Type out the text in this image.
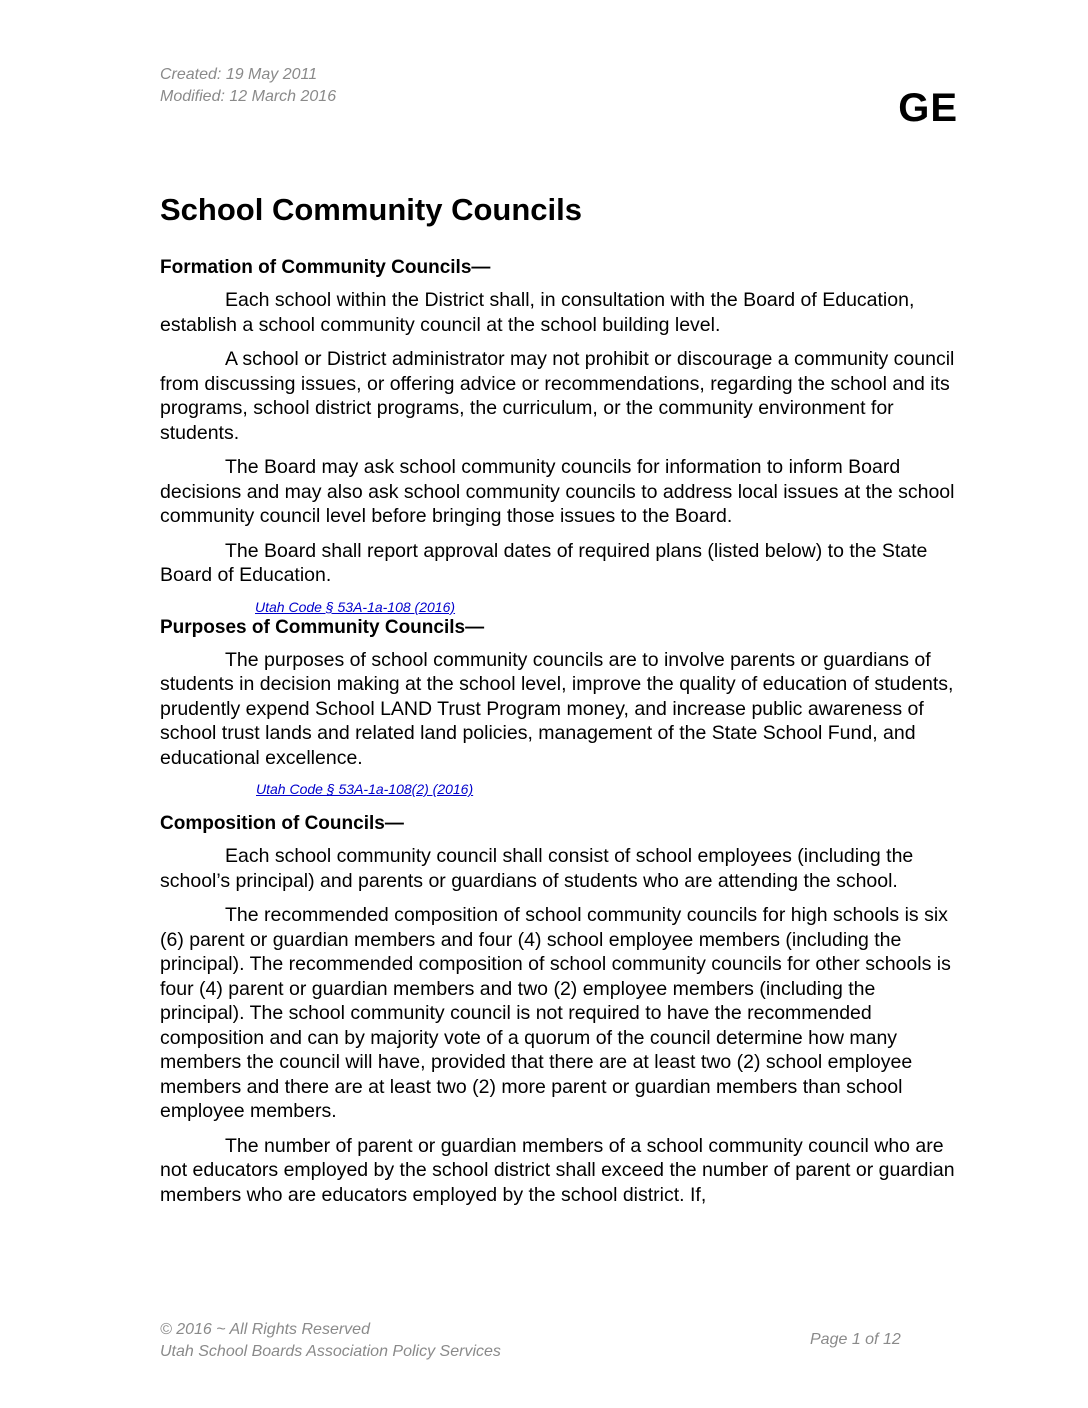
Created: 19 May 2011
Modified: 12 March 2016	GE
School Community Councils
Formation of Community Councils—

Each school within the District shall, in consultation with the Board of Education, establish a school community council at the school building level.

A school or District administrator may not prohibit or discourage a community council from discussing issues, or offering advice or recommendations, regarding the school and its programs, school district programs, the curriculum, or the community environment for students.

The Board may ask school community councils for information to inform Board decisions and may also ask school community councils to address local issues at the school community council level before bringing those issues to the Board.

The Board shall report approval dates of required plans (listed below) to the State Board of Education.

Utah Code § 53A-1a-108 (2016)
Purposes of Community Councils—

The purposes of school community councils are to involve parents or guardians of students in decision making at the school level, improve the quality of education of students, prudently expend School LAND Trust Program money, and increase public awareness of school trust lands and related land policies, management of the State School Fund, and educational excellence.

Utah Code § 53A-1a-108(2) (2016)
Composition of Councils—

Each school community council shall consist of school employees (including the school’s principal) and parents or guardians of students who are attending the school.

The recommended composition of school community councils for high schools is six (6) parent or guardian members and four (4) school employee members (including the principal). The recommended composition of school community councils for other schools is four (4) parent or guardian members and two (2) employee members (including the principal). The school community council is not required to have the recommended composition and can by majority vote of a quorum of the council determine how many members the council will have, provided that there are at least two (2) school employee members and there are at least two (2) more parent or guardian members than school employee members.

The number of parent or guardian members of a school community council who are not educators employed by the school district shall exceed the number of parent or guardian members who are educators employed by the school district. If,

© 2016 ~ All Rights Reserved
Utah School Boards Association Policy Services
Page 1 of 12
